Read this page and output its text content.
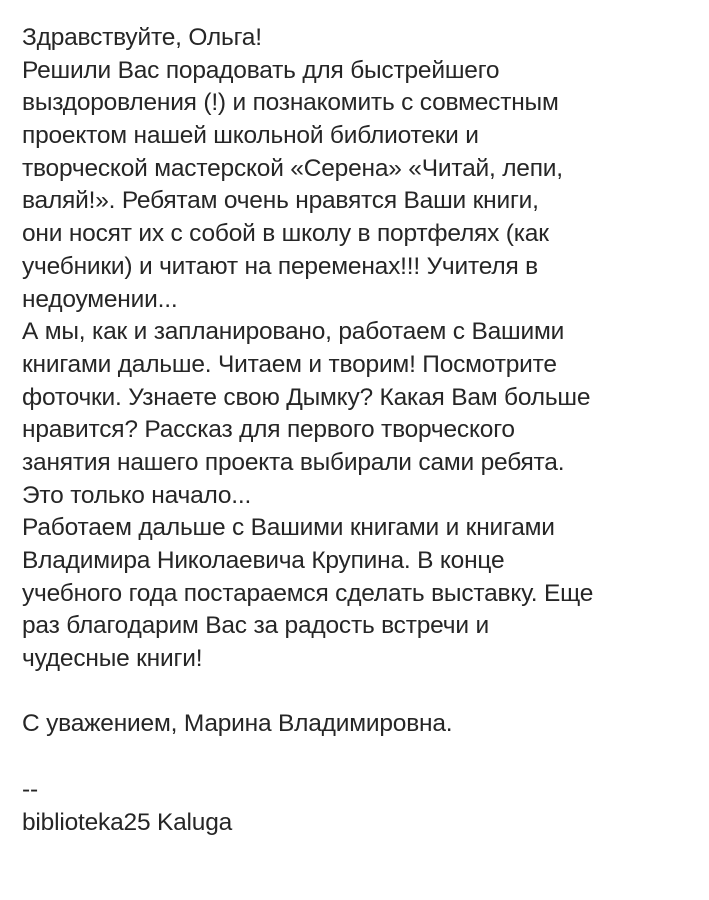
Здравствуйте, Ольга!
Решили Вас порадовать для быстрейшего
выздоровления (!) и познакомить с совместным
проектом нашей школьной библиотеки и
творческой мастерской «Серена» «Читай, лепи,
валяй!». Ребятам очень нравятся Ваши книги,
они носят их с собой в школу в портфелях (как
учебники) и читают на переменах!!! Учителя в
недоумении...
А мы, как и запланировано, работаем с Вашими
книгами дальше. Читаем и творим! Посмотрите
фоточки. Узнаете свою Дымку? Какая Вам больше
нравится? Рассказ для первого творческого
занятия нашего проекта выбирали сами ребята.
Это только начало...
Работаем дальше с Вашими книгами и книгами
Владимира Николаевича Крупина. В конце
учебного года постараемся сделать выставку. Еще
раз благодарим Вас за радость встречи и
чудесные книги!
С уважением, Марина Владимировна.
--
biblioteka25 Kaluga
